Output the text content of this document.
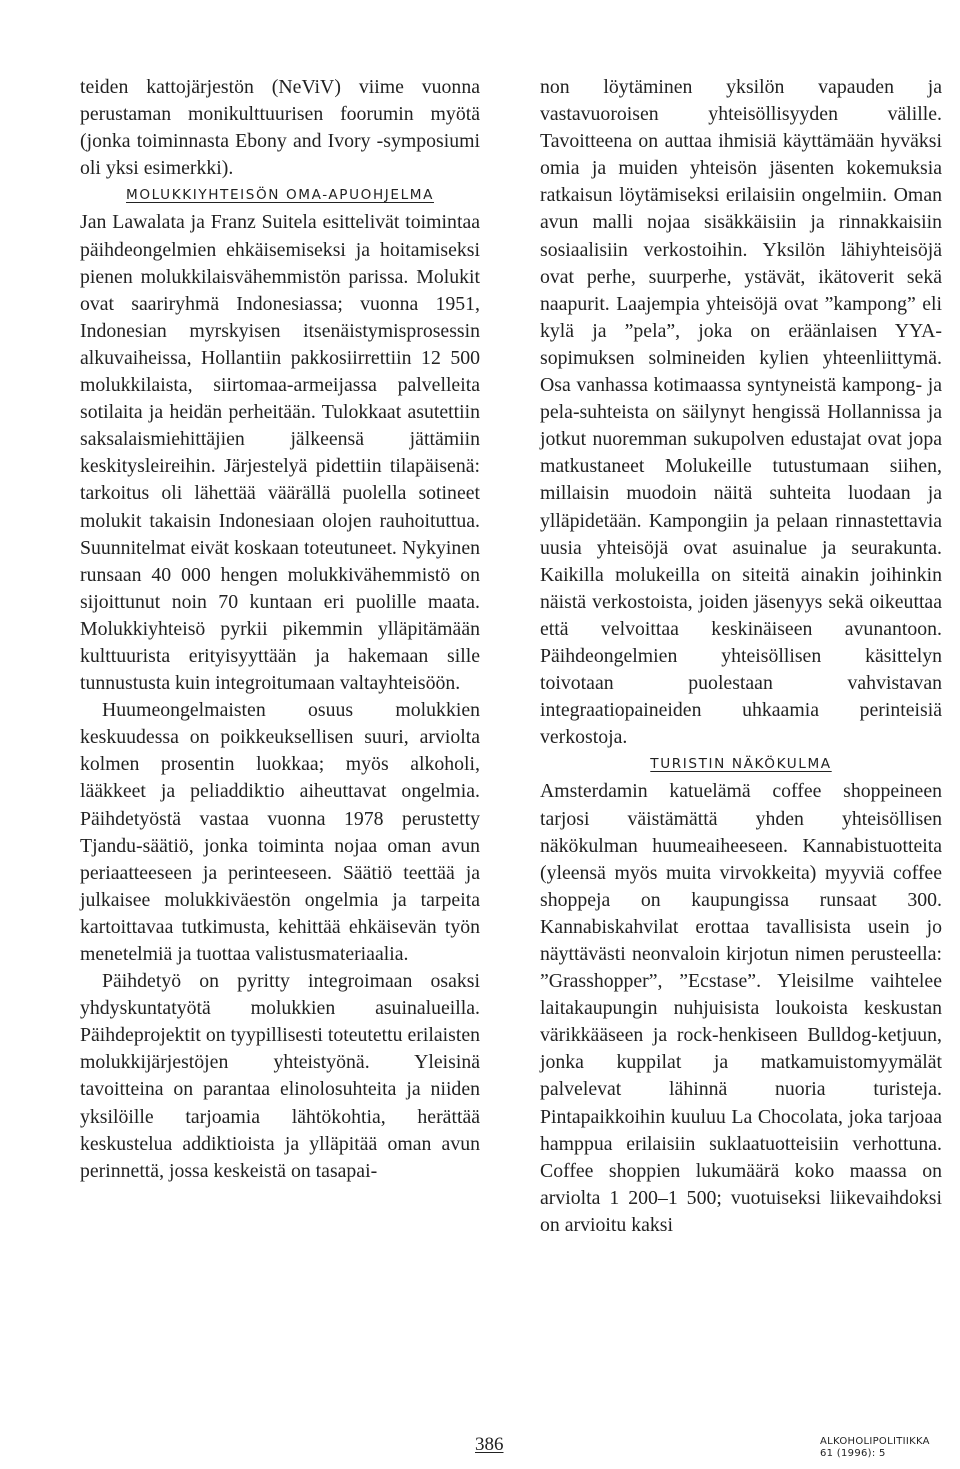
teiden kattojärjestön (NeViV) viime vuonna perustaman monikulttuurisen foorumin myötä (jonka toiminnasta Ebony and Ivory -symposiumi oli yksi esimerkki).

MOLUKKIYHTEISÖN OMA-APUOHJELMA

Jan Lawalata ja Franz Suitela esittelivät toimintaa päihdeongelmien ehkäisemiseksi ja hoitamiseksi pienen molukkilaisvähemmistön parissa. Molukit ovat saariryhmä Indonesiassa; vuonna 1951, Indonesian myrskyisen itsenäistymisprosessin alkuvaiheissa, Hollantiin pakkosiirrettiin 12 500 molukkilaista, siirtomaa-armeijassa palvelleita sotilaita ja heidän perheitään. Tulokkaat asutettiin saksalaismiehittäjien jälkeensä jättämiin keskitysleireihin. Järjestelyä pidettiin tilapäisenä: tarkoitus oli lähettää väärällä puolella sotineet molukit takaisin Indonesiaan olojen rauhoituttua. Suunnitelmat eivät koskaan toteutuneet. Nykyinen runsaan 40 000 hengen molukkivähemmistö on sijoittunut noin 70 kuntaan eri puolille maata. Molukkiyhteisö pyrkii pikemmin ylläpitämään kulttuurista erityisyyttään ja hakemaan sille tunnustusta kuin integroitumaan valtayhteisöön.

Huumeongelmaisten osuus molukkien keskuudessa on poikkeuksellisen suuri, arviolta kolmen prosentin luokkaa; myös alkoholi, lääkkeet ja peliaddiktio aiheuttavat ongelmia. Päihdetyöstä vastaa vuonna 1978 perustetty Tjandu-säätiö, jonka toiminta nojaa oman avun periaatteeseen ja perinteeseen. Säätiö teettää ja julkaisee molukkiväestön ongelmia ja tarpeita kartoittavaa tutkimusta, kehittää ehkäisevän työn menetelmiä ja tuottaa valistusmateriaalia.

Päihdetyö on pyritty integroimaan osaksi yhdyskuntatyötä molukkien asuinalueilla. Päihdeprojektit on tyypillisesti toteutettu erilaisten molukkijärjestöjen yhteistyönä. Yleisinä tavoitteina on parantaa elinolosuhteita ja niiden yksilöille tarjoamia lähtökohtia, herättää keskustelua addiktioista ja ylläpitää oman avun perinnettä, jossa keskeistä on tasapai-

non löytäminen yksilön vapauden ja vastavuoroisen yhteisöllisyyden välille. Tavoitteena on auttaa ihmisiä käyttämään hyväksi omia ja muiden yhteisön jäsenten kokemuksia ratkaisun löytämiseksi erilaisiin ongelmiin. Oman avun malli nojaa sisäkkäisiin ja rinnakkaisiin sosiaalisiin verkostoihin. Yksilön lähiyhteisöjä ovat perhe, suurperhe, ystävät, ikätoverit sekä naapurit. Laajempia yhteisöjä ovat ”kampong” eli kylä ja ”pela”, joka on eräänlaisen YYA-sopimuksen solmineiden kylien yhteenliittymä. Osa vanhassa kotimaassa syntyneistä kampong- ja pela-suhteista on säilynyt hengissä Hollannissa ja jotkut nuoremman sukupolven edustajat ovat jopa matkustaneet Molukeille tutustumaan siihen, millaisin muodoin näitä suhteita luodaan ja ylläpidetään. Kampongiin ja pelaan rinnastettavia uusia yhteisöjä ovat asuinalue ja seurakunta. Kaikilla molukeilla on siteitä ainakin joihinkin näistä verkostoista, joiden jäsenyys sekä oikeuttaa että velvoittaa keskinäiseen avunantoon. Päihdeongelmien yhteisöllisen käsittelyn toivotaan puolestaan vahvistavan integraatiopaineiden uhkaamia perinteisiä verkostoja.

TURISTIN NÄKÖKULMA

Amsterdamin katuelämä coffee shoppeineen tarjosi väistämättä yhden yhteisöllisen näkökulman huumeaiheeseen. Kannabistuotteita (yleensä myös muita virvokkeita) myyviä coffee shoppeja on kaupungissa runsaat 300. Kannabiskahvilat erottaa tavallisista usein jo näyttävästi neonvaloin kirjotun nimen perusteella: ”Grasshopper”, ”Ecstase”. Yleisilme vaihtelee laitakaupungin nuhjuisista loukoista keskustan värikkääseen ja rock-henkiseen Bulldog-ketjuun, jonka kuppilat ja matkamuistomyymälät palvelevat lähinnä nuoria turisteja. Pintapaikkoihin kuuluu La Chocolata, joka tarjoaa hamppua erilaisiin suklaatuotteisiin verhottuna. Coffee shoppien lukumäärä koko maassa on arviolta 1 200–1 500; vuotuiseksi liikevaihdoksi on arvioitu kaksi

386	ALKOHOLIPOLITIIKKA
61 (1996): 5
